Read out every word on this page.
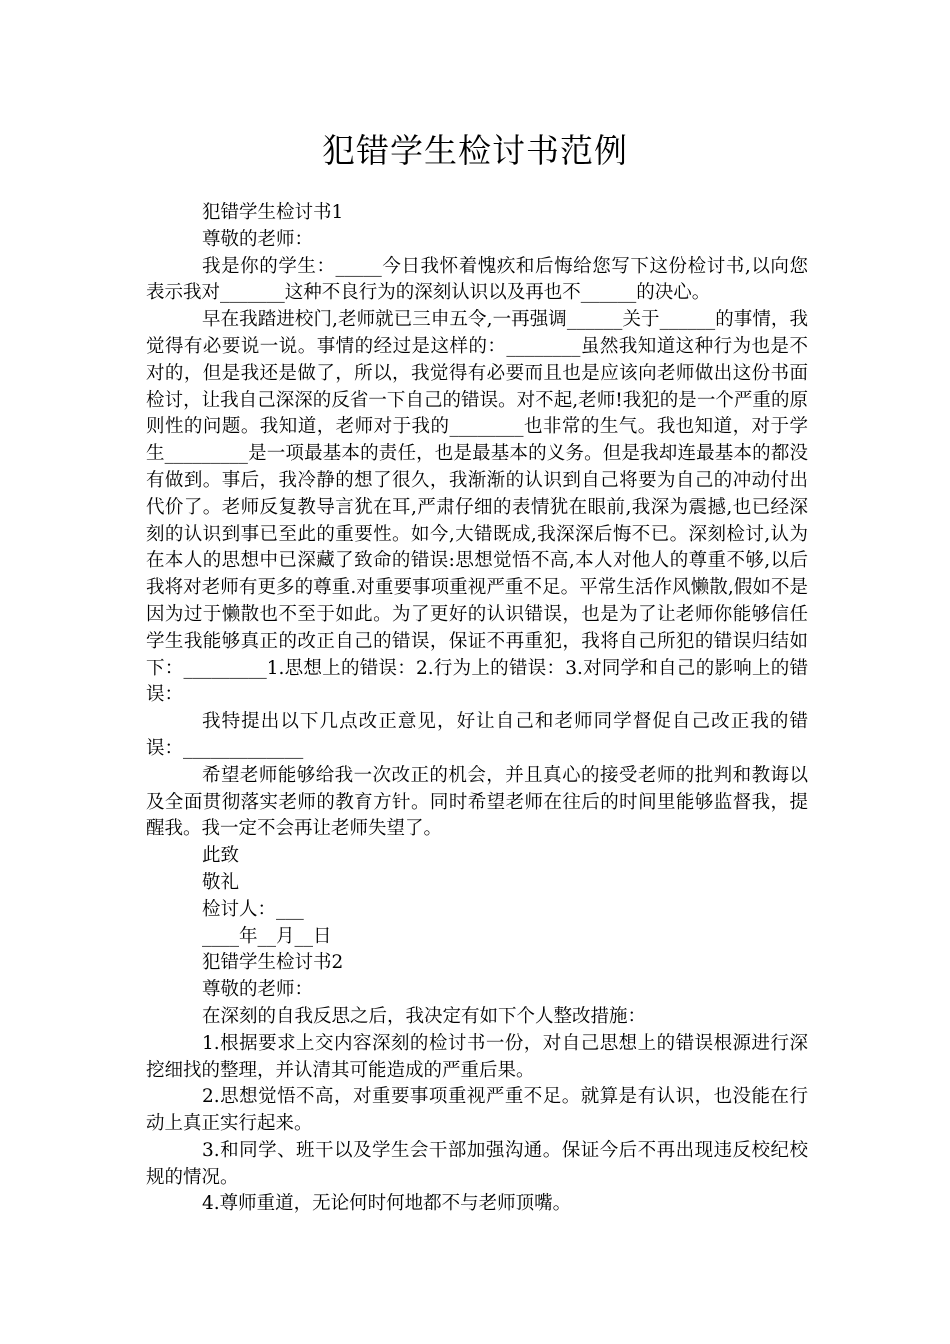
犯错学生检讨书范例

犯错学生检讨书1

尊敬的老师：

我是你的学生：_____今日我怀着愧疚和后悔给您写下这份检讨书,以向您表示我对_______这种不良行为的深刻认识以及再也不______的决心。

早在我踏进校门,老师就已三申五令,一再强调______关于______的事情，我觉得有必要说一说。事情的经过是这样的：________虽然我知道这种行为也是不对的，但是我还是做了，所以，我觉得有必要而且也是应该向老师做出这份书面检讨，让我自己深深的反省一下自己的错误。对不起,老师!我犯的是一个严重的原则性的问题。我知道，老师对于我的________也非常的生气。我也知道，对于学生_________是一项最基本的责任，也是最基本的义务。但是我却连最基本的都没有做到。事后，我冷静的想了很久，我渐渐的认识到自己将要为自己的冲动付出代价了。老师反复教导言犹在耳,严肃仔细的表情犹在眼前,我深为震撼,也已经深刻的认识到事已至此的重要性。如今,大错既成,我深深后悔不已。深刻检讨,认为在本人的思想中已深藏了致命的错误:思想觉悟不高,本人对他人的尊重不够,以后我将对老师有更多的尊重.对重要事项重视严重不足。平常生活作风懒散,假如不是因为过于懒散也不至于如此。为了更好的认识错误，也是为了让老师你能够信任学生我能够真正的改正自己的错误，保证不再重犯，我将自己所犯的错误归结如下：_________1.思想上的错误：2.行为上的错误：3.对同学和自己的影响上的错误：

我特提出以下几点改正意见，好让自己和老师同学督促自己改正我的错误：_____________

希望老师能够给我一次改正的机会，并且真心的接受老师的批判和教诲以及全面贯彻落实老师的教育方针。同时希望老师在往后的时间里能够监督我，提醒我。我一定不会再让老师失望了。

此致

敬礼

检讨人：___

____年__月__日

犯错学生检讨书2

尊敬的老师：

在深刻的自我反思之后，我决定有如下个人整改措施：

1.根据要求上交内容深刻的检讨书一份，对自己思想上的错误根源进行深挖细找的整理，并认清其可能造成的严重后果。

2.思想觉悟不高，对重要事项重视严重不足。就算是有认识，也没能在行动上真正实行起来。

3.和同学、班干以及学生会干部加强沟通。保证今后不再出现违反校纪校规的情况。

4.尊师重道，无论何时何地都不与老师顶嘴。
